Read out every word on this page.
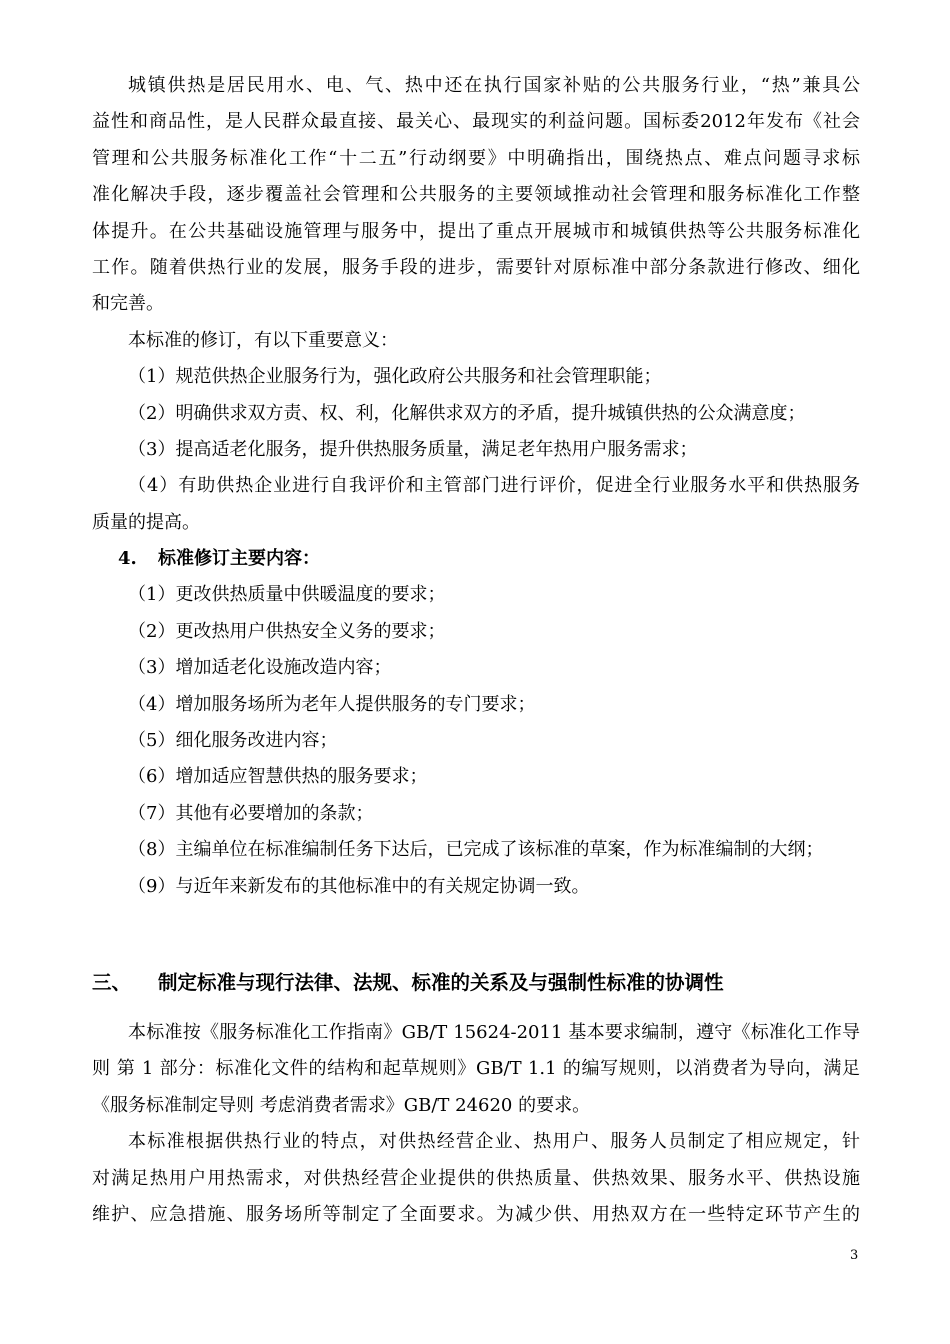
城镇供热是居民用水、电、气、热中还在执行国家补贴的公共服务行业，“热”兼具公
益性和商品性，是人民群众最直接、最关心、最现实的利益问题。国标委2012年发布《社会
管理和公共服务标准化工作“十二五”行动纲要》中明确指出，围绕热点、难点问题寻求标
准化解决手段，逐步覆盖社会管理和公共服务的主要领域推动社会管理和服务标准化工作整
体提升。在公共基础设施管理与服务中，提出了重点开展城市和城镇供热等公共服务标准化
工作。随着供热行业的发展，服务手段的进步，需要针对原标准中部分条款进行修改、细化
和完善。
本标准的修订，有以下重要意义：
（1）规范供热企业服务行为，强化政府公共服务和社会管理职能；
（2）明确供求双方责、权、利，化解供求双方的矛盾，提升城镇供热的公众满意度；
（3）提高适老化服务，提升供热服务质量，满足老年热用户服务需求；
（4）有助供热企业进行自我评价和主管部门进行评价，促进全行业服务水平和供热服务
质量的提高。
4. 标准修订主要内容：
（1）更改供热质量中供暖温度的要求；
（2）更改热用户供热安全义务的要求；
（3）增加适老化设施改造内容；
（4）增加服务场所为老年人提供服务的专门要求；
（5）细化服务改进内容；
（6）增加适应智慧供热的服务要求；
（7）其他有必要增加的条款；
（8）主编单位在标准编制任务下达后，已完成了该标准的草案，作为标准编制的大纲；
（9）与近年来新发布的其他标准中的有关规定协调一致。
三、 制定标准与现行法律、法规、标准的关系及与强制性标准的协调性
本标准按《服务标准化工作指南》GB/T 15624-2011 基本要求编制，遵守《标准化工作导
则 第 1 部分：标准化文件的结构和起草规则》GB/T 1.1 的编写规则，以消费者为导向，满足
《服务标准制定导则 考虑消费者需求》GB/T 24620 的要求。
本标准根据供热行业的特点，对供热经营企业、热用户、服务人员制定了相应规定，针
对满足热用户用热需求，对供热经营企业提供的供热质量、供热效果、服务水平、供热设施
维护、应急措施、服务场所等制定了全面要求。为减少供、用热双方在一些特定环节产生的
3
